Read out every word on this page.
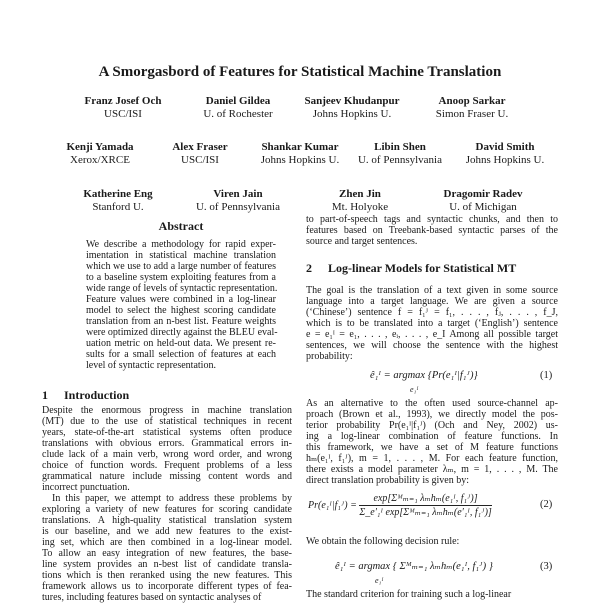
A Smorgasbord of Features for Statistical Machine Translation
Franz Josef Och
USC/ISI
Daniel Gildea
U. of Rochester
Sanjeev Khudanpur
Johns Hopkins U.
Anoop Sarkar
Simon Fraser U.
Kenji Yamada
Xerox/XRCE
Alex Fraser
USC/ISI
Shankar Kumar
Johns Hopkins U.
Libin Shen
U. of Pennsylvania
David Smith
Johns Hopkins U.
Katherine Eng
Stanford U.
Viren Jain
U. of Pennsylvania
Zhen Jin
Mt. Holyoke
Dragomir Radev
U. of Michigan
Abstract
We describe a methodology for rapid exper-
imentation in statistical machine translation
which we use to add a large number of features
to a baseline system exploiting features from a
wide range of levels of syntactic representation.
Feature values were combined in a log-linear
model to select the highest scoring candidate
translation from an n-best list. Feature weights
were optimized directly against the BLEU eval-
uation metric on held-out data. We present re-
sults for a small selection of features at each
level of syntactic representation.
1 Introduction
Despite the enormous progress in machine translation
(MT) due to the use of statistical techniques in recent
years, state-of-the-art statistical systems often produce
translations with obvious errors. Grammatical errors in-
clude lack of a main verb, wrong word order, and wrong
choice of function words. Frequent problems of a less
grammatical nature include missing content words and
incorrect punctuation.
In this paper, we attempt to address these problems by
exploring a variety of new features for scoring candidate
translations. A high-quality statistical translation system
is our baseline, and we add new features to the exist-
ing set, which are then combined in a log-linear model.
To allow an easy integration of new features, the base-
line system provides an n-best list of candidate transla-
tions which is then reranked using the new features. This
framework allows us to incorporate different types of fea-
tures, including features based on syntactic analyses of
to part-of-speech tags and syntactic chunks, and then to
features based on Treebank-based syntactic parses of the
source and target sentences.
2 Log-linear Models for Statistical MT
The goal is the translation of a text given in some source
language into a target language. We are given a source
(‘Chinese’) sentence f = f₁ᴶ = f₁, . . . , fⱼ, . . . , f_J,
which is to be translated into a target (‘English’) sentence
e = e₁ᴵ = e₁, . . . , eᵢ, . . . , e_I Among all possible target
sentences, we will choose the sentence with the highest
probability:
ê₁ᴵ = argmax {Pr(e₁ᴵ|f₁ᴶ)}
e₁ᴵ
(1)
As an alternative to the often used source-channel ap-
proach (Brown et al., 1993), we directly model the pos-
terior probability Pr(e₁ᴵ|f₁ᴶ) (Och and Ney, 2002) us-
ing a log-linear combination of feature functions. In
this framework, we have a set of M feature functions
hₘ(e₁ᴵ, f₁ᴶ), m = 1, . . . , M. For each feature function,
there exists a model parameter λₘ, m = 1, . . . , M. The
direct translation probability is given by:
Pr(e₁ᴵ|f₁ᴶ) = $\frac{\text{exp[Σᴹₘ₌₁ λₘhₘ(e₁ᴵ, f₁ᴶ)]}}{\text{Σ\_e′₁ᴵ exp[Σᴹₘ₌₁ λₘhₘ(e′₁ᴵ, f₁ᴶ)]}}$	(2)
We obtain the following decision rule:
ê₁ᴵ = argmax { Σᴹₘ₌₁ λₘhₘ(e₁ᴵ, f₁ᴶ) }
e₁ᴵ
(3)
The standard criterion for training such a log-linear
